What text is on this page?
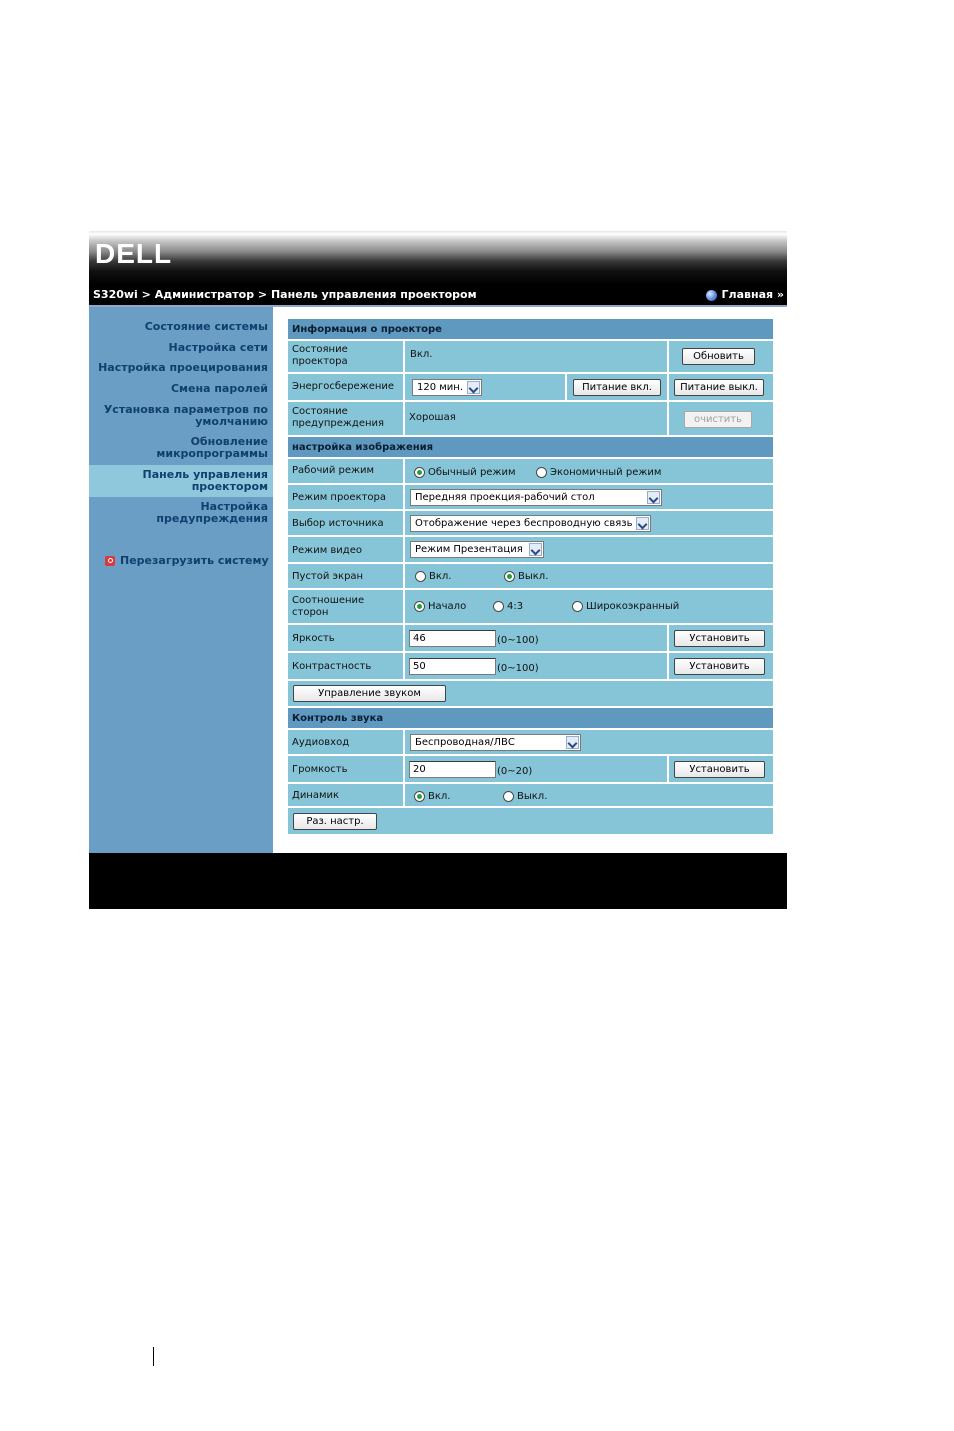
DELL
S320wi > Администратор > Панель управления проектором	Главная »
Состояние системы
Настройка сети
Настройка проецирования
Смена паролей
Установка параметров по
умолчанию
Обновление
микропрограммы
Панель управления
проектором
Настройка
предупреждения
Перезагрузить систему
Информация о проекторе
Состояние
проектора
Вкл.	Обновить
Энергосбережение	120 мин.	Питание вкл.	Питание выкл.
Состояние
предупреждения
Хорошая	очистить
настройка изображения
Рабочий режим	Обычный режим	Экономичный режим
Режим проектора	Передняя проекция-рабочий стол
Выбор источника	Отображение через беспроводную связь
Режим видео	Режим Презентация
Пустой экран	Вкл.	Выкл.
Соотношение
сторон
Начало	4:3	Широкоэкранный
Яркость	46	(0~100)	Установить
Контрастность	50	(0~100)	Установить
Управление звуком
Контроль звука
Аудиовход	Беспроводная/ЛВС
Громкость	20	(0~20)	Установить
Динамик	Вкл.	Выкл.
Раз. настр.
